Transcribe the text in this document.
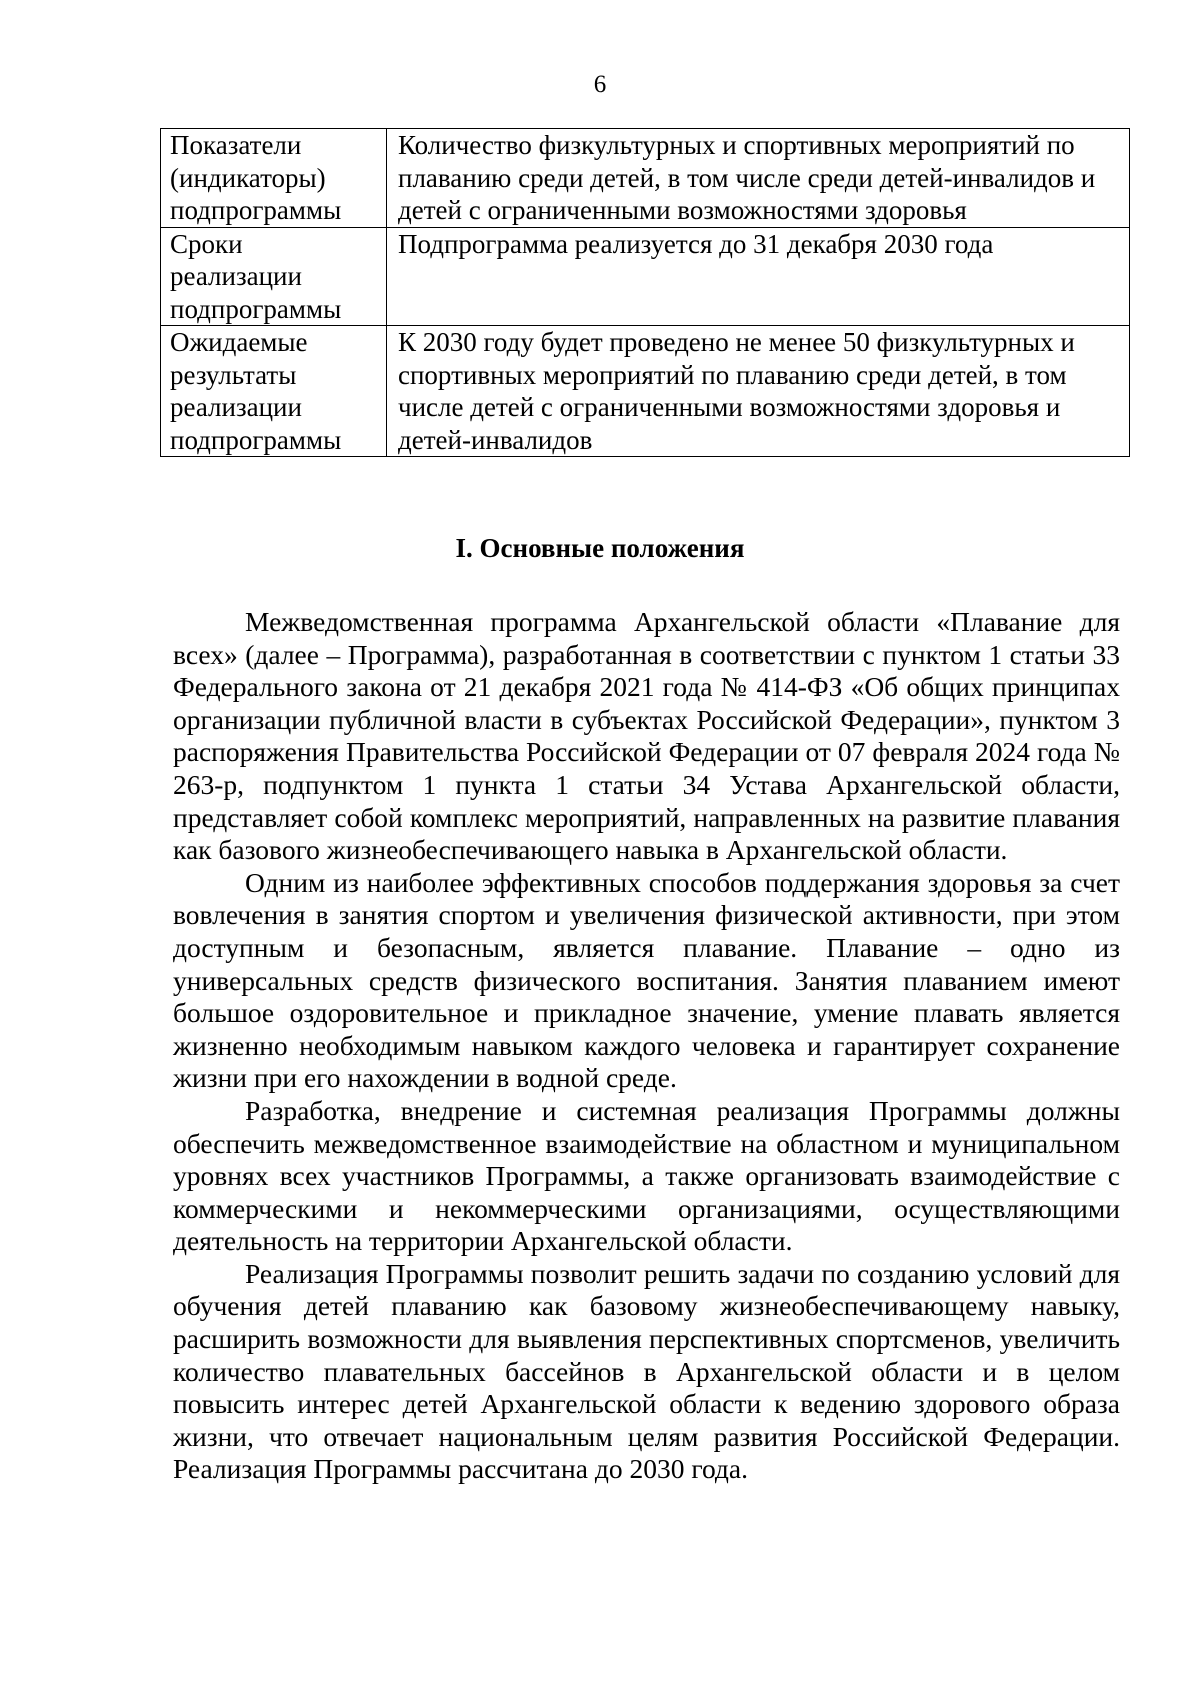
6
Показатели (индикаторы) подпрограммы	Количество физкультурных и спортивных мероприятий по плаванию среди детей, в том числе среди детей-инвалидов и детей с ограниченными возможностями здоровья
Сроки реализации подпрограммы	Подпрограмма реализуется до 31 декабря 2030 года
Ожидаемые результаты реализации подпрограммы	К 2030 году будет проведено не менее 50 физкультурных и спортивных мероприятий по плаванию среди детей, в том числе детей с ограниченными возможностями здоровья и детей-инвалидов
I. Основные положения

Межведомственная программа Архангельской области «Плавание для всех» (далее – Программа), разработанная в соответствии с пунктом 1 статьи 33 Федерального закона от 21 декабря 2021 года № 414-ФЗ «Об общих принципах организации публичной власти в субъектах Российской Федерации», пунктом 3 распоряжения Правительства Российской Федерации от 07 февраля 2024 года № 263-р, подпунктом 1 пункта 1 статьи 34 Устава Архангельской области, представляет собой комплекс мероприятий, направленных на развитие плавания как базового жизнеобеспечивающего навыка в Архангельской области.

Одним из наиболее эффективных способов поддержания здоровья за счет вовлечения в занятия спортом и увеличения физической активности, при этом доступным и безопасным, является плавание. Плавание – одно из универсальных средств физического воспитания. Занятия плаванием имеют большое оздоровительное и прикладное значение, умение плавать является жизненно необходимым навыком каждого человека и гарантирует сохранение жизни при его нахождении в водной среде.

Разработка, внедрение и системная реализация Программы должны обеспечить межведомственное взаимодействие на областном и муниципальном уровнях всех участников Программы, а также организовать взаимодействие с коммерческими и некоммерческими организациями, осуществляющими деятельность на территории Архангельской области.

Реализация Программы позволит решить задачи по созданию условий для обучения детей плаванию как базовому жизнеобеспечивающему навыку, расширить возможности для выявления перспективных спортсменов, увеличить количество плавательных бассейнов в Архангельской области и в целом повысить интерес детей Архангельской области к ведению здорового образа жизни, что отвечает национальным целям развития Российской Федерации. Реализация Программы рассчитана до 2030 года.
